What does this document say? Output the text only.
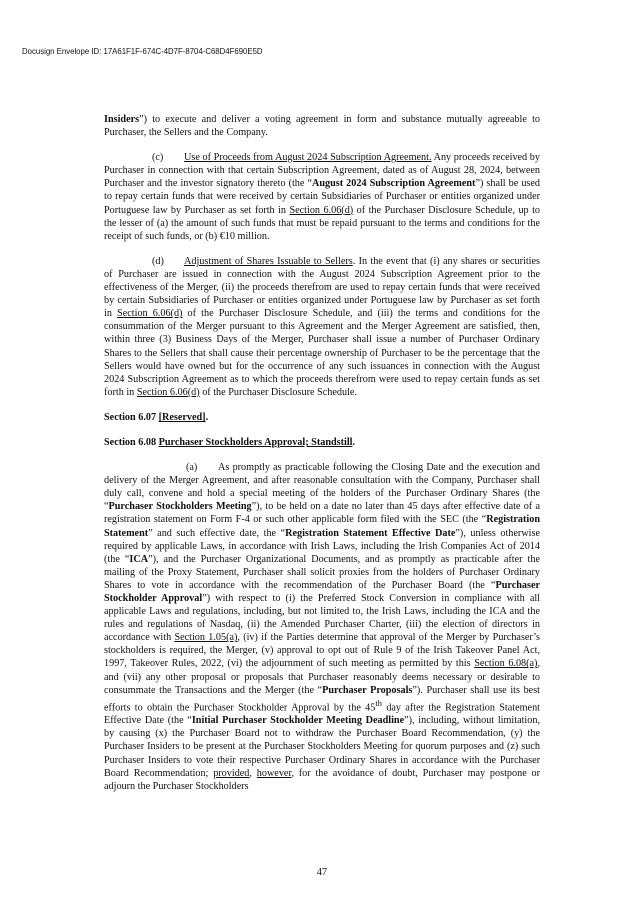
Docusign Envelope ID: 17A61F1F-674C-4D7F-8704-C68D4F690E5D

Insiders”) to execute and deliver a voting agreement in form and substance mutually agreeable to Purchaser, the Sellers and the Company.

(c) Use of Proceeds from August 2024 Subscription Agreement. Any proceeds received by Purchaser in connection with that certain Subscription Agreement, dated as of August 28, 2024, between Purchaser and the investor signatory thereto (the “August 2024 Subscription Agreement”) shall be used to repay certain funds that were received by certain Subsidiaries of Purchaser or entities organized under Portuguese law by Purchaser as set forth in Section 6.06(d) of the Purchaser Disclosure Schedule, up to the lesser of (a) the amount of such funds that must be repaid pursuant to the terms and conditions for the receipt of such funds, or (b) €10 million.

(d) Adjustment of Shares Issuable to Sellers. In the event that (i) any shares or securities of Purchaser are issued in connection with the August 2024 Subscription Agreement prior to the effectiveness of the Merger, (ii) the proceeds therefrom are used to repay certain funds that were received by certain Subsidiaries of Purchaser or entities organized under Portuguese law by Purchaser as set forth in Section 6.06(d) of the Purchaser Disclosure Schedule, and (iii) the terms and conditions for the consummation of the Merger pursuant to this Agreement and the Merger Agreement are satisfied, then, within three (3) Business Days of the Merger, Purchaser shall issue a number of Purchaser Ordinary Shares to the Sellers that shall cause their percentage ownership of Purchaser to be the percentage that the Sellers would have owned but for the occurrence of any such issuances in connection with the August 2024 Subscription Agreement as to which the proceeds therefrom were used to repay certain funds as set forth in Section 6.06(d) of the Purchaser Disclosure Schedule.

Section 6.07 [Reserved].

Section 6.08 Purchaser Stockholders Approval; Standstill.

(a) As promptly as practicable following the Closing Date and the execution and delivery of the Merger Agreement, and after reasonable consultation with the Company, Purchaser shall duly call, convene and hold a special meeting of the holders of the Purchaser Ordinary Shares (the “Purchaser Stockholders Meeting”), to be held on a date no later than 45 days after effective date of a registration statement on Form F-4 or such other applicable form filed with the SEC (the “Registration Statement” and such effective date, the “Registration Statement Effective Date”), unless otherwise required by applicable Laws, in accordance with Irish Laws, including the Irish Companies Act of 2014 (the “ICA”), and the Purchaser Organizational Documents, and as promptly as practicable after the mailing of the Proxy Statement, Purchaser shall solicit proxies from the holders of Purchaser Ordinary Shares to vote in accordance with the recommendation of the Purchaser Board (the “Purchaser Stockholder Approval”) with respect to (i) the Preferred Stock Conversion in compliance with all applicable Laws and regulations, including, but not limited to, the Irish Laws, including the ICA and the rules and regulations of Nasdaq, (ii) the Amended Purchaser Charter, (iii) the election of directors in accordance with Section 1.05(a), (iv) if the Parties determine that approval of the Merger by Purchaser’s stockholders is required, the Merger, (v) approval to opt out of Rule 9 of the Irish Takeover Panel Act, 1997, Takeover Rules, 2022, (vi) the adjournment of such meeting as permitted by this Section 6.08(a), and (vii) any other proposal or proposals that Purchaser reasonably deems necessary or desirable to consummate the Transactions and the Merger (the “Purchaser Proposals”). Purchaser shall use its best efforts to obtain the Purchaser Stockholder Approval by the 45th day after the Registration Statement Effective Date (the “Initial Purchaser Stockholder Meeting Deadline”), including, without limitation, by causing (x) the Purchaser Board not to withdraw the Purchaser Board Recommendation, (y) the Purchaser Insiders to be present at the Purchaser Stockholders Meeting for quorum purposes and (z) such Purchaser Insiders to vote their respective Purchaser Ordinary Shares in accordance with the Purchaser Board Recommendation; provided, however, for the avoidance of doubt, Purchaser may postpone or adjourn the Purchaser Stockholders

47
